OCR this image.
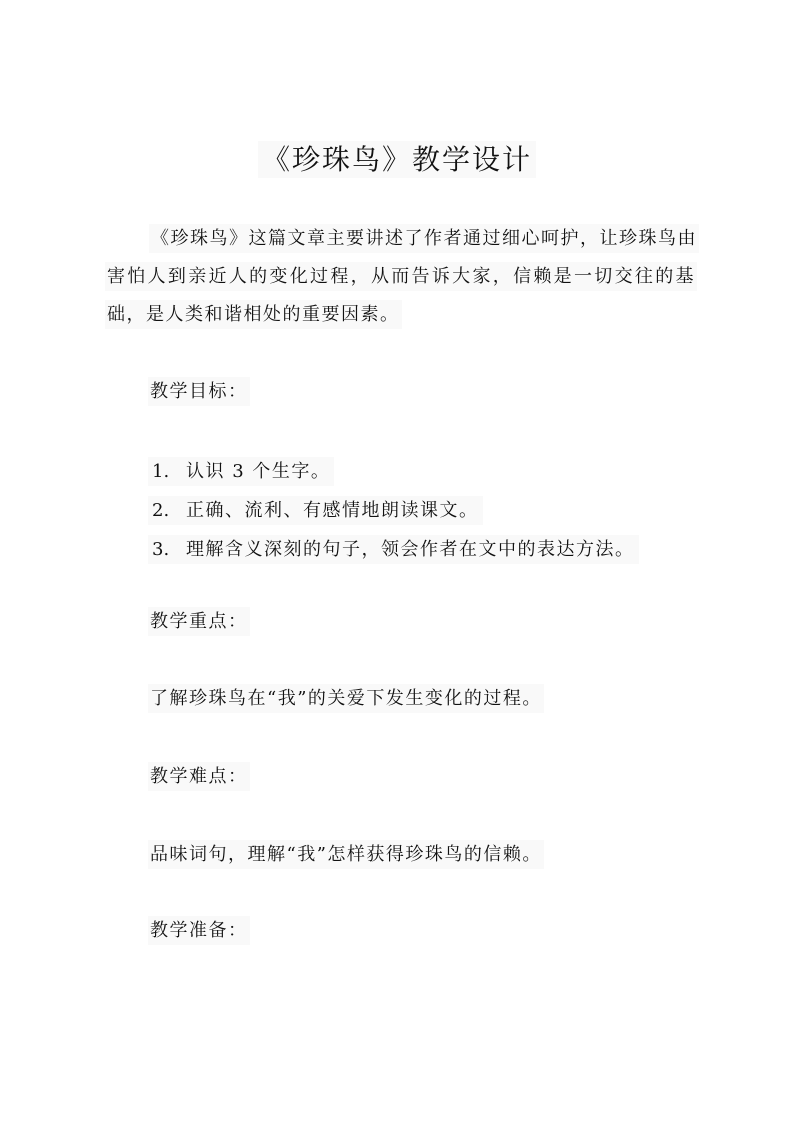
《珍珠鸟》教学设计
《珍珠鸟》这篇文章主要讲述了作者通过细心呵护，让珍珠鸟由害怕人到亲近人的变化过程，从而告诉大家，信赖是一切交往的基础，是人类和谐相处的重要因素。
教学目标：
1. 认识 3 个生字。
2. 正确、流利、有感情地朗读课文。
3. 理解含义深刻的句子，领会作者在文中的表达方法。
教学重点：
了解珍珠鸟在“我”的关爱下发生变化的过程。
教学难点：
品味词句，理解“我”怎样获得珍珠鸟的信赖。
教学准备：
